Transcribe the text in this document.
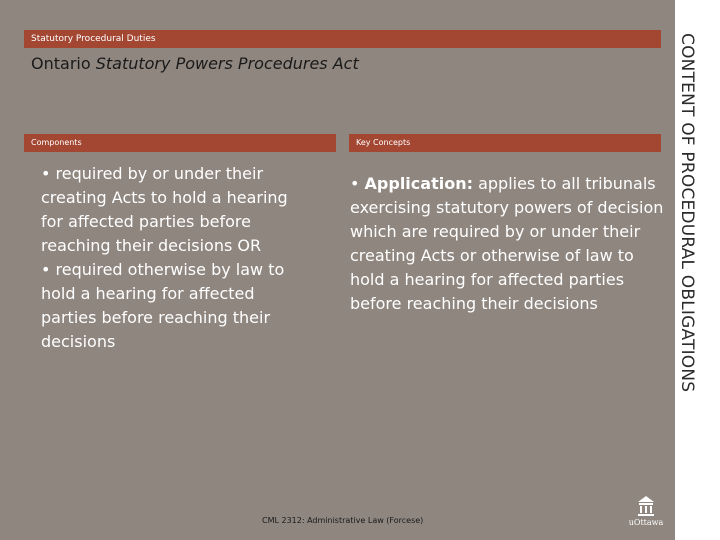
Statutory Procedural Duties
Ontario Statutory Powers Procedures Act
Components	Key Concepts

• required by or under their creating Acts to hold a hearing for affected parties before reaching their decisions OR

• required otherwise by law to hold a hearing for affected parties before reaching their decisions

• Application: applies to all tribunals exercising statutory powers of decision which are required by or under their creating Acts or otherwise of law to hold a hearing for affected parties before reaching their decisions

CML 2312: Administrative Law (Forcese)	uOttawa
CONTENT OF PROCEDURAL OBLIGATIONS
